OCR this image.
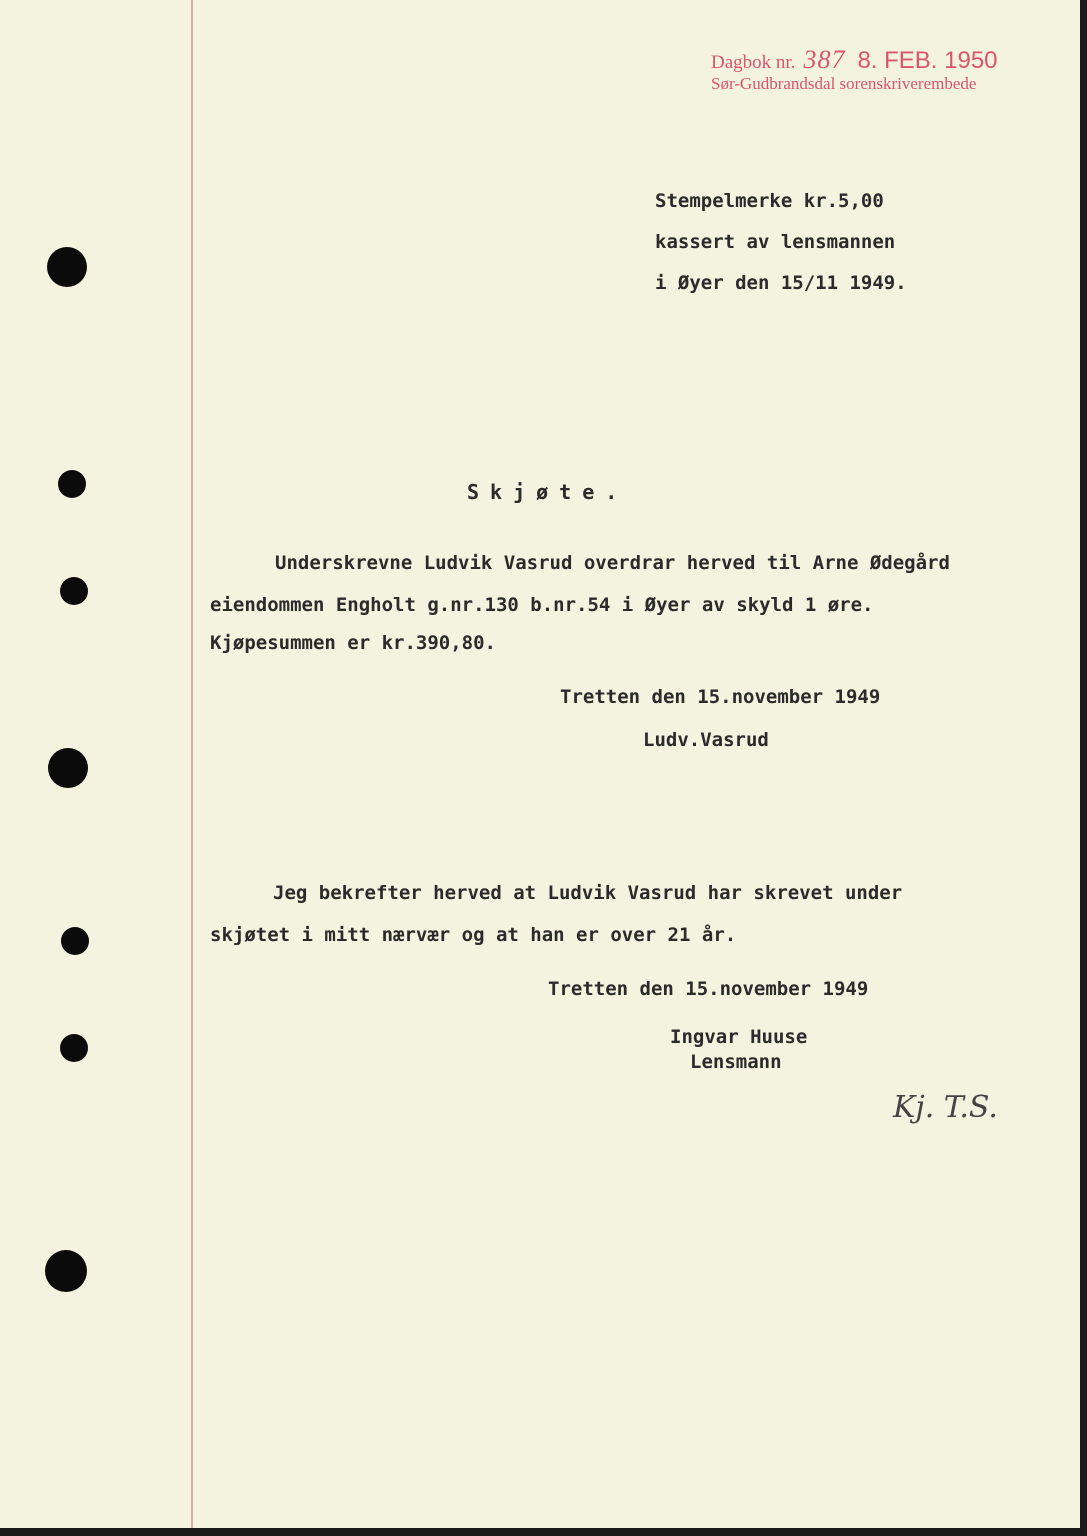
Dagbok nr. 387 8. FEB. 1950
Sør-Gudbrandsdal sorenskriverembede
Stempelmerke kr.5,00
kassert av lensmannen
i Øyer den 15/11 1949.
Skjøte.
Underskrevne Ludvik Vasrud overdrar herved til Arne Ødegård
eiendommen Engholt g.nr.130 b.nr.54 i Øyer av skyld 1 øre.
Kjøpesummen er kr.390,80.
Tretten den 15.november 1949
Ludv.Vasrud
Jeg bekrefter herved at Ludvik Vasrud har skrevet under
skjøtet i mitt nærvær og at han er over 21 år.
Tretten den 15.november 1949
Ingvar Huuse
Lensmann
Kj. T.S.
